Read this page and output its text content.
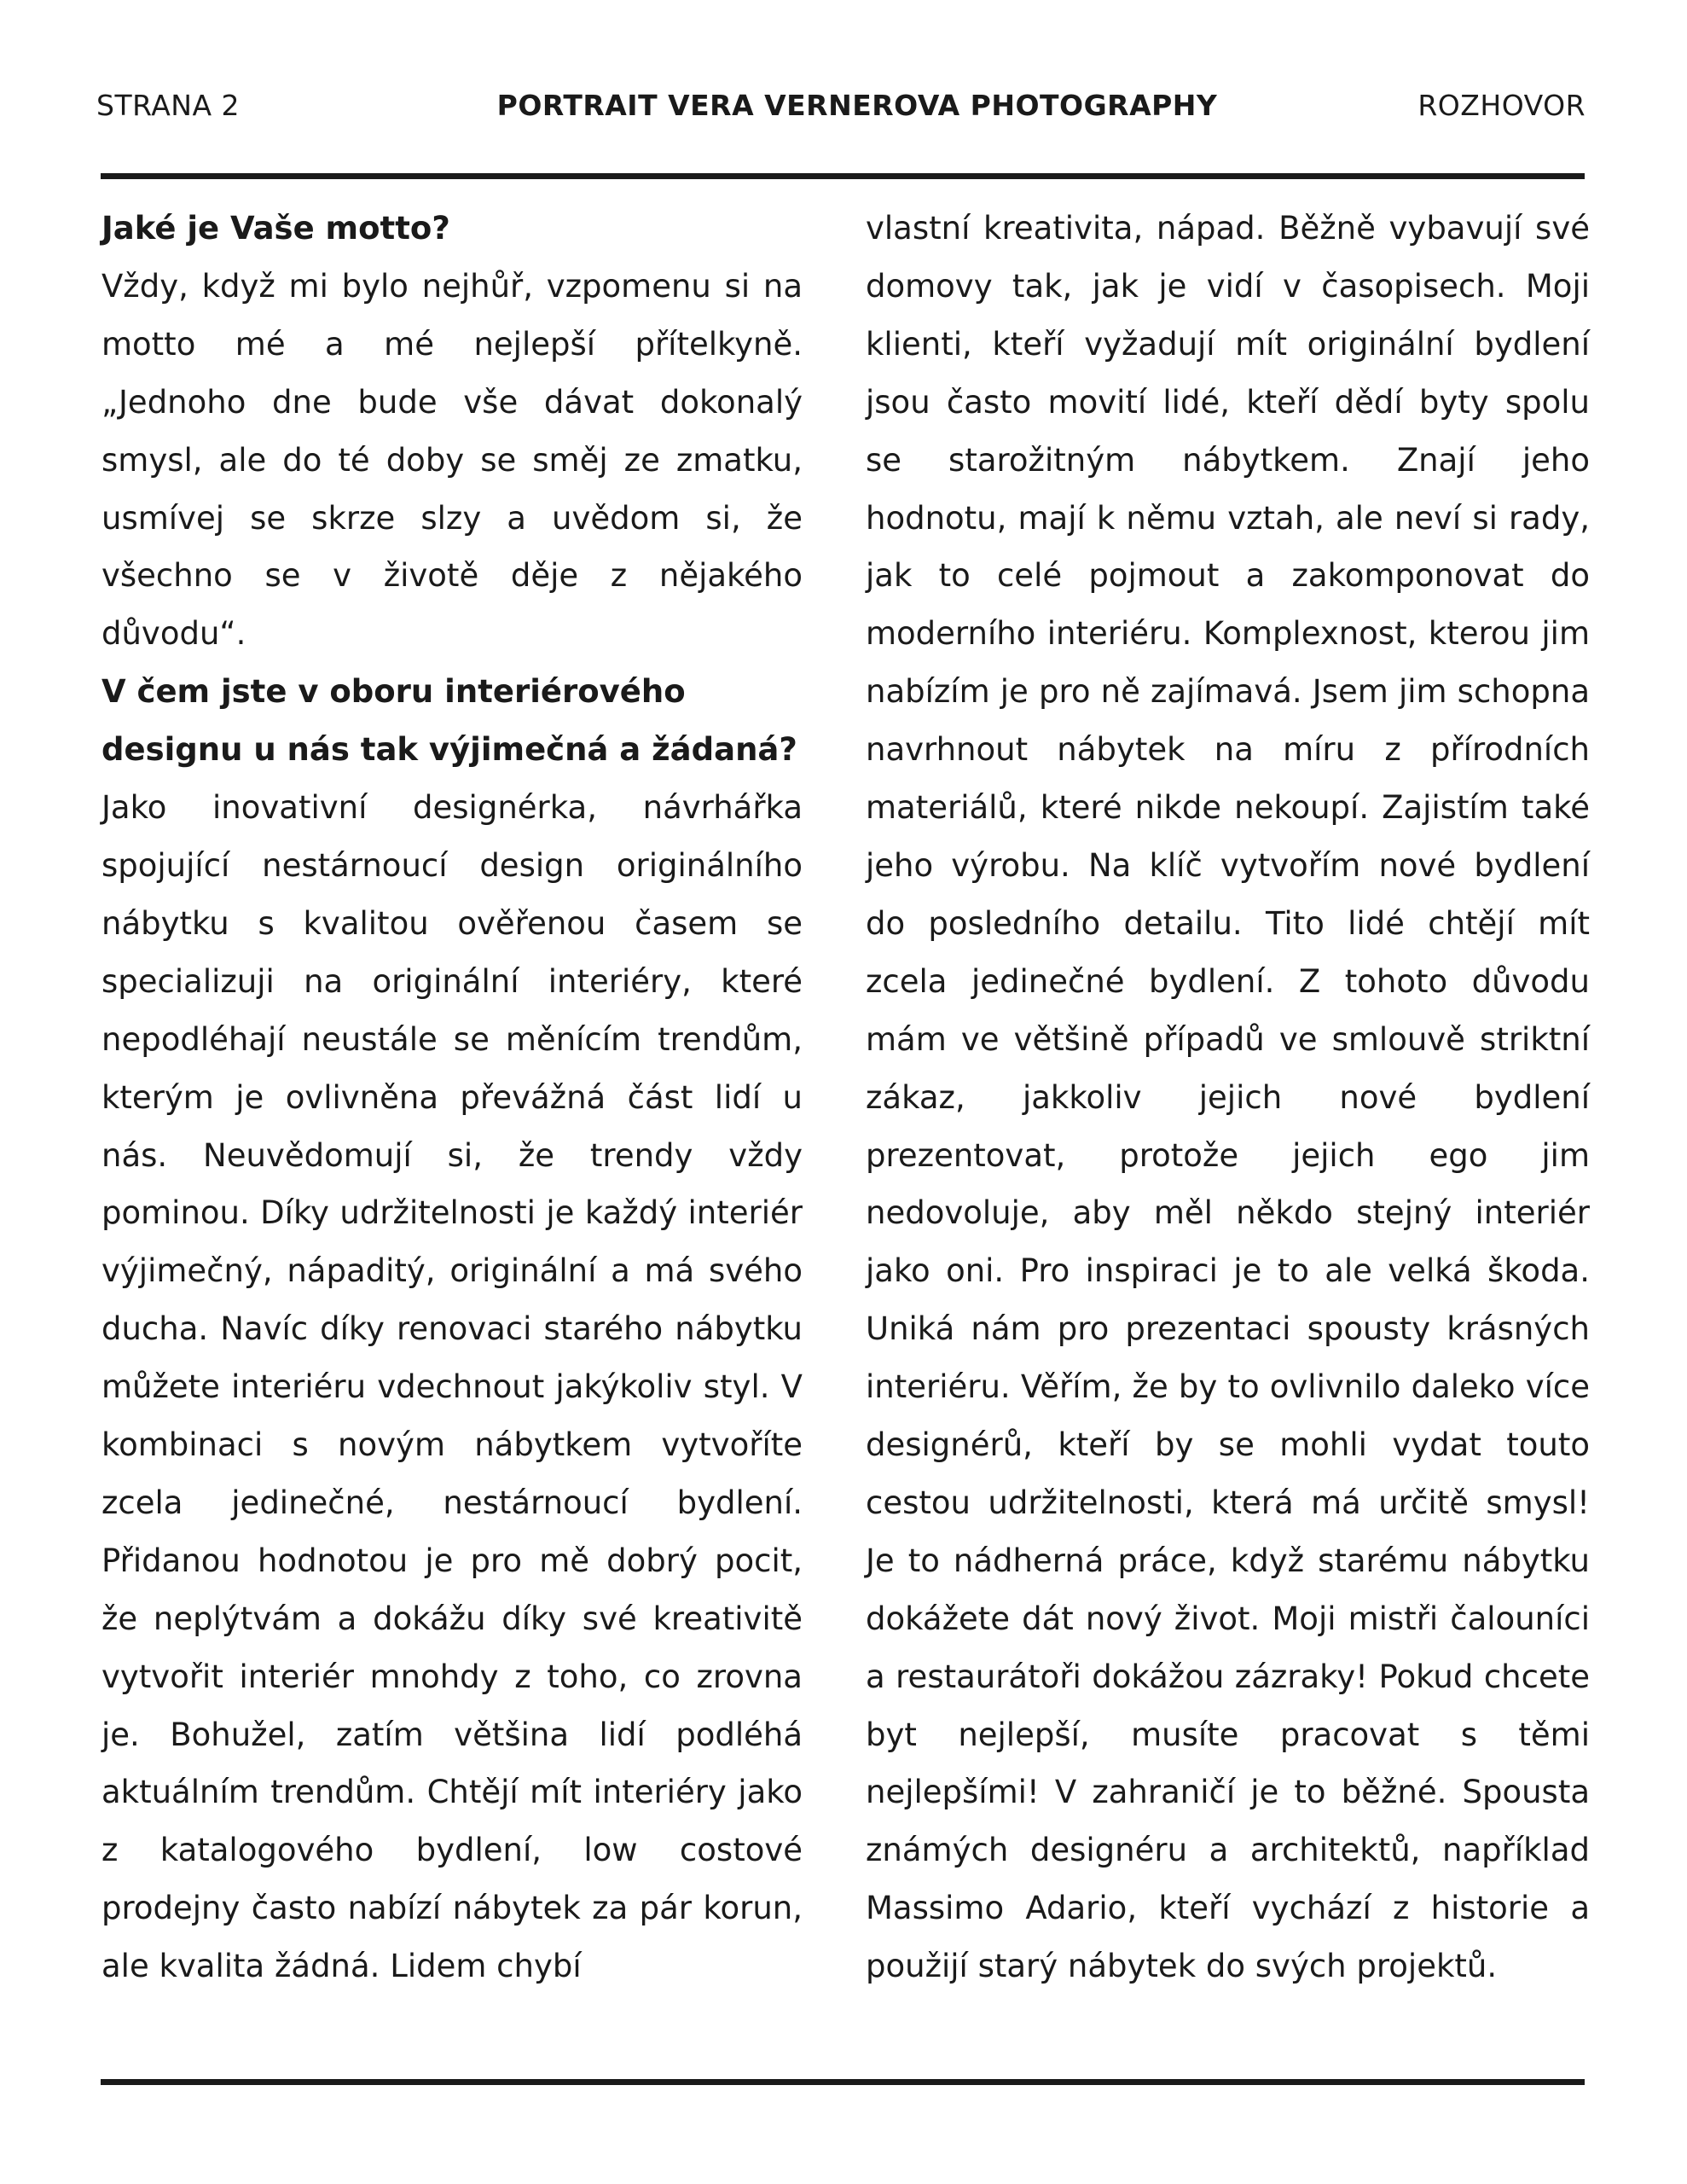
STRANA 2	PORTRAIT VERA VERNEROVA PHOTOGRAPHY	ROZHOVOR

Jaké je Vaše motto?

Vždy, když mi bylo nejhůř, vzpomenu si na motto mé a mé nejlepší přítelkyně. „Jednoho dne bude vše dávat dokonalý smysl, ale do té doby se směj ze zmatku, usmívej se skrze slzy a uvědom si, že všechno se v životě děje z nějakého důvodu“.

V čem jste v oboru interiérového designu u nás tak výjimečná a žádaná?

Jako inovativní designérka, návrhářka spojující nestárnoucí design originálního nábytku s kvalitou ověřenou časem se specializuji na originální interiéry, které nepodléhají neustále se měnícím trendům, kterým je ovlivněna převážná část lidí u nás. Neuvědomují si, že trendy vždy pominou. Díky udržitelnosti je každý interiér výjimečný, nápaditý, originální a má svého ducha. Navíc díky renovaci starého nábytku můžete interiéru vdechnout jakýkoliv styl. V kombinaci s novým nábytkem vytvoříte zcela jedinečné, nestárnoucí bydlení. Přidanou hodnotou je pro mě dobrý pocit, že neplýtvám a dokážu díky své kreativitě vytvořit interiér mnohdy z toho, co zrovna je. Bohužel, zatím většina lidí podléhá aktuálním trendům. Chtějí mít interiéry jako z katalogového bydlení, low costové prodejny často nabízí nábytek za pár korun, ale kvalita žádná. Lidem chybí

vlastní kreativita, nápad. Běžně vybavují své domovy tak, jak je vidí v časopisech. Moji klienti, kteří vyžadují mít originální bydlení jsou často movití lidé, kteří dědí byty spolu se starožitným nábytkem. Znají jeho hodnotu, mají k němu vztah, ale neví si rady, jak to celé pojmout a zakomponovat do moderního interiéru. Komplexnost, kterou jim nabízím je pro ně zajímavá. Jsem jim schopna navrhnout nábytek na míru z přírodních materiálů, které nikde nekoupí. Zajistím také jeho výrobu. Na klíč vytvořím nové bydlení do posledního detailu. Tito lidé chtějí mít zcela jedinečné bydlení. Z tohoto důvodu mám ve většině případů ve smlouvě striktní zákaz, jakkoliv jejich nové bydlení prezentovat, protože jejich ego jim nedovoluje, aby měl někdo stejný interiér jako oni. Pro inspiraci je to ale velká škoda. Uniká nám pro prezentaci spousty krásných interiéru. Věřím, že by to ovlivnilo daleko více designérů, kteří by se mohli vydat touto cestou udržitelnosti, která má určitě smysl! Je to nádherná práce, když starému nábytku dokážete dát nový život. Moji mistři čalouníci a restaurátoři dokážou zázraky! Pokud chcete byt nejlepší, musíte pracovat s těmi nejlepšími! V zahraničí je to běžné. Spousta známých designéru a architektů, například Massimo Adario, kteří vychází z historie a použijí starý nábytek do svých projektů.
